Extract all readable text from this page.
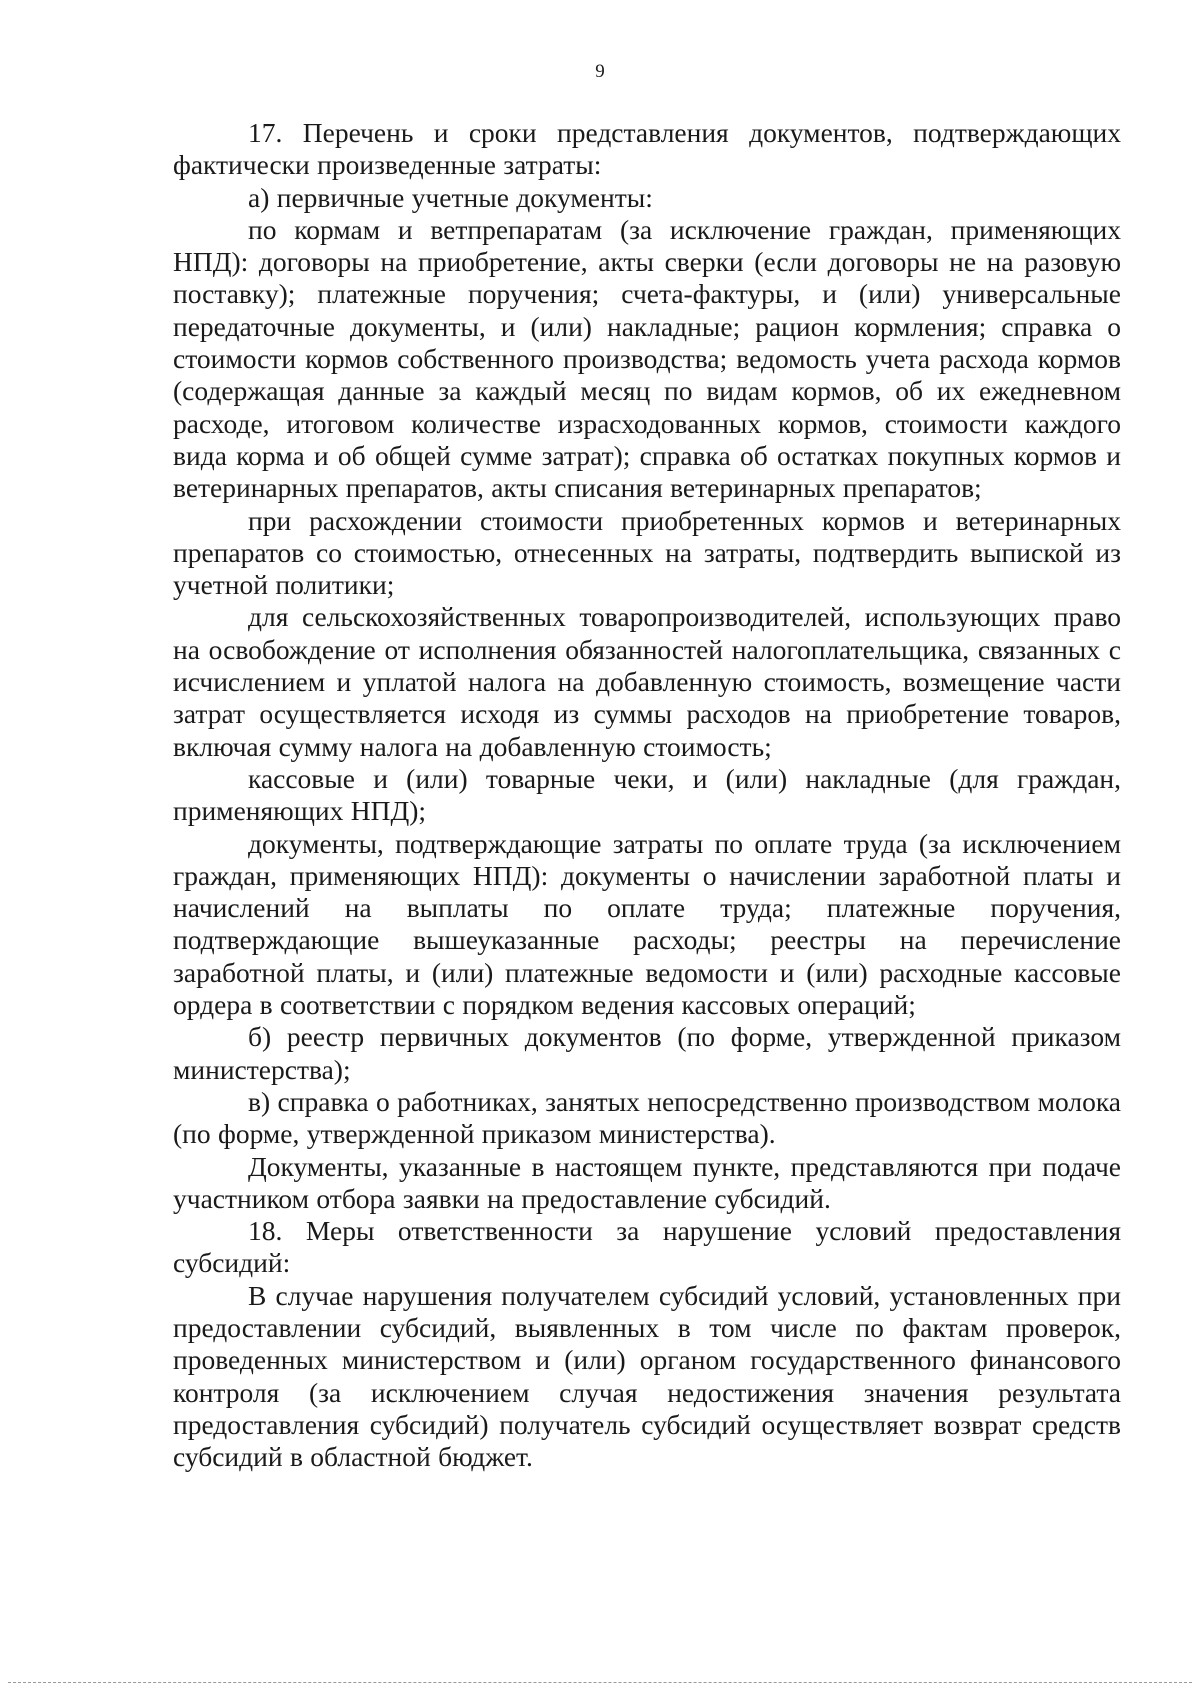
9

17. Перечень и сроки представления документов, подтверждающих фактически произведенные затраты:

а) первичные учетные документы:

по кормам и ветпрепаратам (за исключение граждан, применяющих НПД): договоры на приобретение, акты сверки (если договоры не на разовую поставку); платежные поручения; счета-фактуры, и (или) универсальные передаточные документы, и (или) накладные; рацион кормления; справка о стоимости кормов собственного производства; ведомость учета расхода кормов (содержащая данные за каждый месяц по видам кормов, об их ежедневном расходе, итоговом количестве израсходованных кормов, стоимости каждого вида корма и об общей сумме затрат); справка об остатках покупных кормов и ветеринарных препаратов, акты списания ветеринарных препаратов;

при расхождении стоимости приобретенных кормов и ветеринарных препаратов со стоимостью, отнесенных на затраты, подтвердить выпиской из учетной политики;

для сельскохозяйственных товаропроизводителей, использующих право на освобождение от исполнения обязанностей налогоплательщика, связанных с исчислением и уплатой налога на добавленную стоимость, возмещение части затрат осуществляется исходя из суммы расходов на приобретение товаров, включая сумму налога на добавленную стоимость;

кассовые и (или) товарные чеки, и (или) накладные (для граждан, применяющих НПД);

документы, подтверждающие затраты по оплате труда (за исключением граждан, применяющих НПД): документы о начислении заработной платы и начислений на выплаты по оплате труда; платежные поручения, подтверждающие вышеуказанные расходы; реестры на перечисление заработной платы, и (или) платежные ведомости и (или) расходные кассовые ордера в соответствии с порядком ведения кассовых операций;

б) реестр первичных документов (по форме, утвержденной приказом министерства);

в) справка о работниках, занятых непосредственно производством молока (по форме, утвержденной приказом министерства).

Документы, указанные в настоящем пункте, представляются при подаче участником отбора заявки на предоставление субсидий.

18. Меры ответственности за нарушение условий предоставления субсидий:

В случае нарушения получателем субсидий условий, установленных при предоставлении субсидий, выявленных в том числе по фактам проверок, проведенных министерством и (или) органом государственного финансового контроля (за исключением случая недостижения значения результата предоставления субсидий) получатель субсидий осуществляет возврат средств субсидий в областной бюджет.
